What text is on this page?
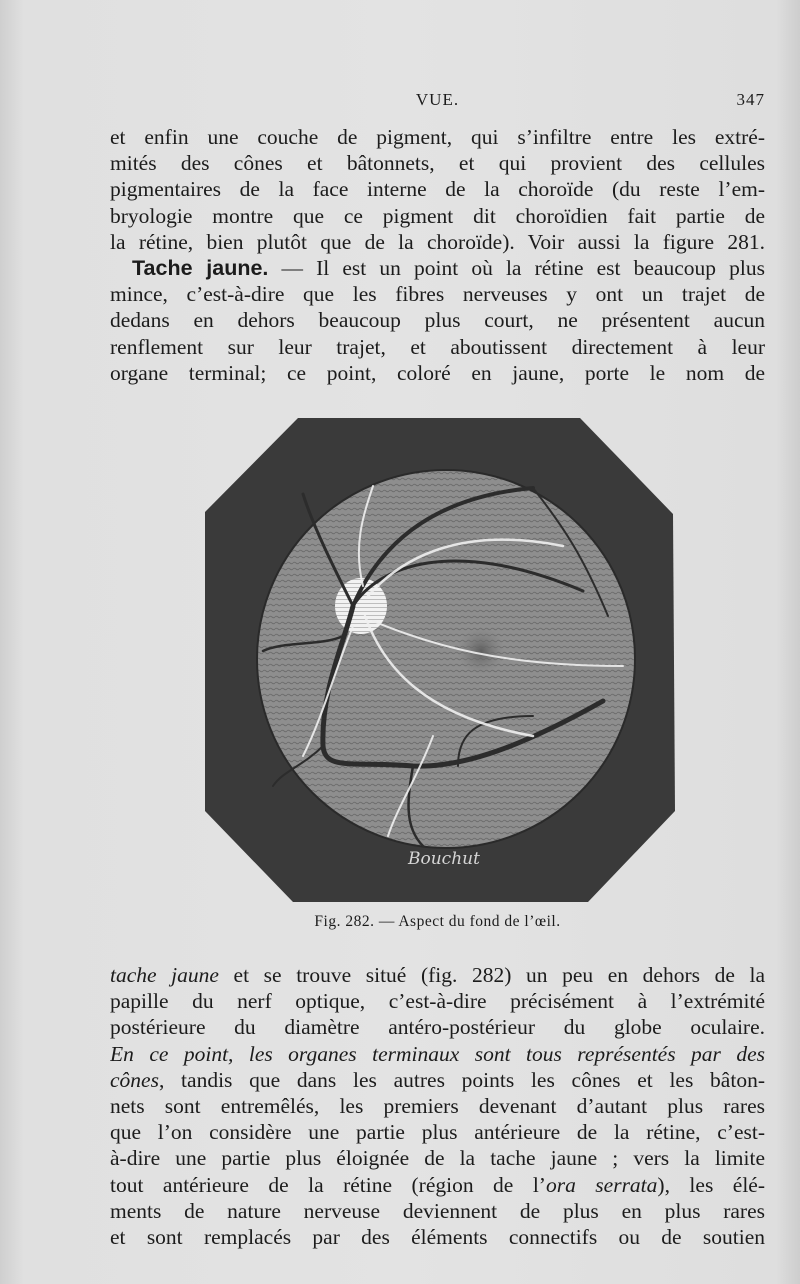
VUE.	347
et enfin une couche de pigment, qui s’infiltre entre les extré-
mités des cônes et bâtonnets, et qui provient des cellules
pigmentaires de la face interne de la choroïde (du reste l’em-
bryologie montre que ce pigment dit choroïdien fait partie de
la rétine, bien plutôt que de la choroïde). Voir aussi la figure 281.
Tache jaune. — Il est un point où la rétine est beaucoup plus
mince, c’est-à-dire que les fibres nerveuses y ont un trajet de
dedans en dehors beaucoup plus court, ne présentent aucun
renflement sur leur trajet, et aboutissent directement à leur
organe terminal; ce point, coloré en jaune, porte le nom de
Bouchut
Fig. 282. — Aspect du fond de l’œil.
tache jaune et se trouve situé (fig. 282) un peu en dehors de la
papille du nerf optique, c’est-à-dire précisément à l’extrémité
postérieure du diamètre antéro-postérieur du globe oculaire.
En ce point, les organes terminaux sont tous représentés par des
cônes, tandis que dans les autres points les cônes et les bâton-
nets sont entremêlés, les premiers devenant d’autant plus rares
que l’on considère une partie plus antérieure de la rétine, c’est-
à-dire une partie plus éloignée de la tache jaune ; vers la limite
tout antérieure de la rétine (région de l’ora serrata), les élé-
ments de nature nerveuse deviennent de plus en plus rares
et sont remplacés par des éléments connectifs ou de soutien
